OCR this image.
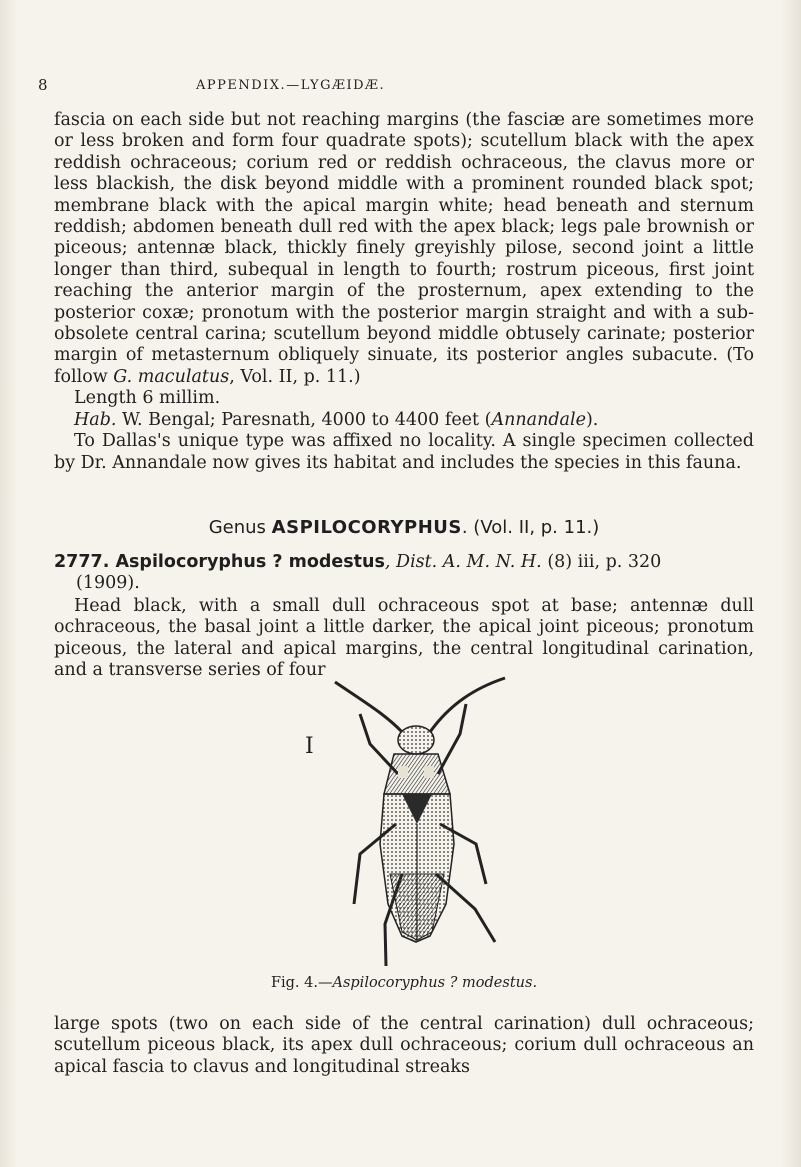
8	APPENDIX.—LYGÆIDÆ.

fascia on each side but not reaching margins (the fasciæ are sometimes more or less broken and form four quadrate spots); scutellum black with the apex reddish ochraceous; corium red or reddish ochraceous, the clavus more or less blackish, the disk beyond middle with a prominent rounded black spot; membrane black with the apical margin white; head beneath and sternum reddish; abdomen beneath dull red with the apex black; legs pale brownish or piceous; antennæ black, thickly finely greyishly pilose, second joint a little longer than third, subequal in length to fourth; rostrum piceous, first joint reaching the anterior margin of the prosternum, apex extending to the posterior coxæ; pronotum with the posterior margin straight and with a sub-obsolete central carina; scutellum beyond middle obtusely carinate; posterior margin of metasternum obliquely sinuate, its posterior angles subacute. (To follow G. maculatus, Vol. II, p. 11.)

Length 6 millim.

Hab. W. Bengal; Paresnath, 4000 to 4400 feet (Annandale).

To Dallas's unique type was affixed no locality. A single specimen collected by Dr. Annandale now gives its habitat and includes the species in this fauna.

Genus ASPILOCORYPHUS. (Vol. II, p. 11.)
2777. Aspilocoryphus ? modestus, Dist. A. M. N. H. (8) iii, p. 320
(1909).

Head black, with a small dull ochraceous spot at base; antennæ dull ochraceous, the basal joint a little darker, the apical joint piceous; pronotum piceous, the lateral and apical margins, the central longitudinal carination, and a transverse series of four

I
Fig. 4.—Aspilocoryphus ? modestus.

large spots (two on each side of the central carination) dull ochraceous; scutellum piceous black, its apex dull ochraceous; corium dull ochraceous an apical fascia to clavus and longitudinal streaks
